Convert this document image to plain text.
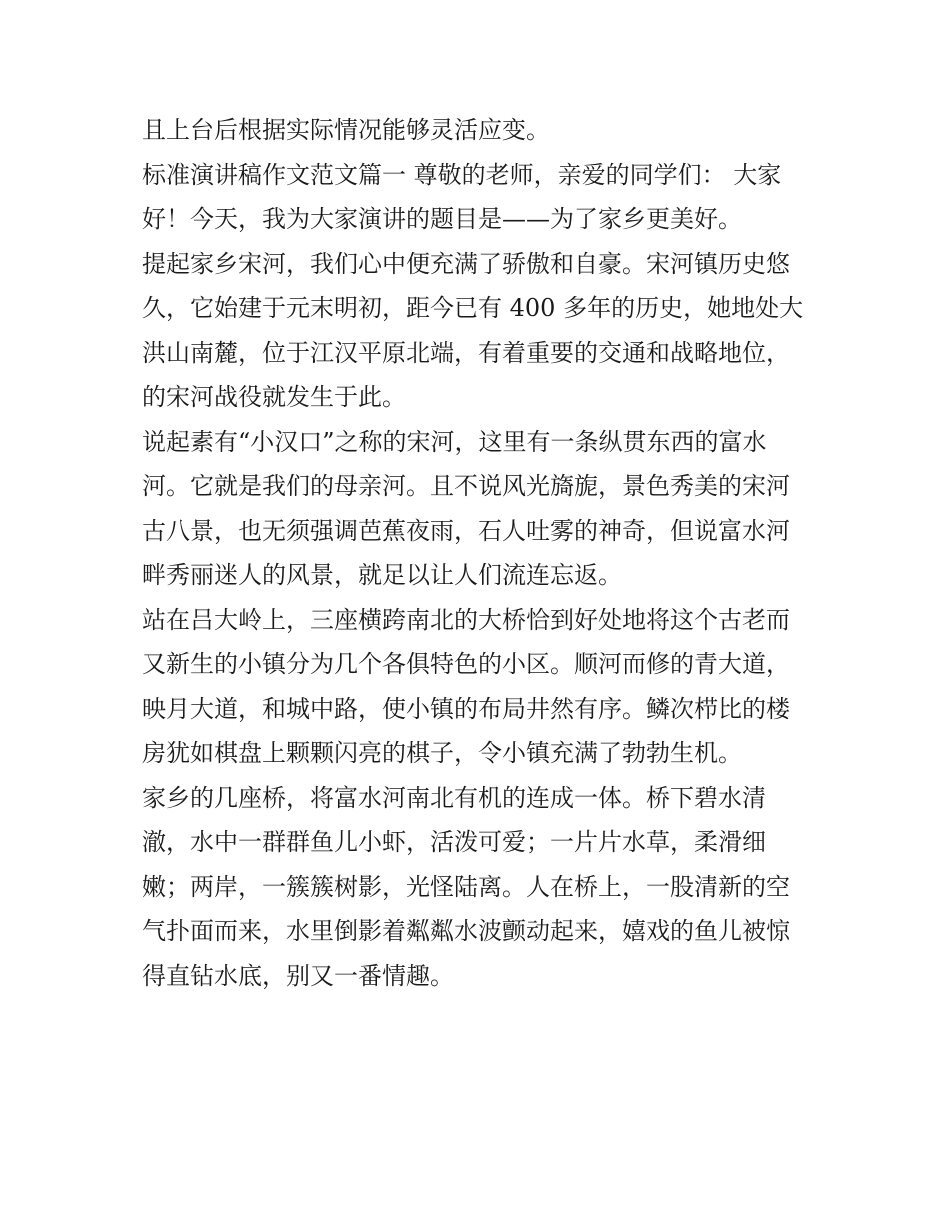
且上台后根据实际情况能够灵活应变。
标准演讲稿作文范文篇一 尊敬的老师，亲爱的同学们： 大家
好！今天，我为大家演讲的题目是——为了家乡更美好。
提起家乡宋河，我们心中便充满了骄傲和自豪。宋河镇历史悠
久，它始建于元末明初，距今已有 400 多年的历史，她地处大
洪山南麓，位于江汉平原北端，有着重要的交通和战略地位，
的宋河战役就发生于此。
说起素有“小汉口”之称的宋河，这里有一条纵贯东西的富水
河。它就是我们的母亲河。且不说风光旖旎，景色秀美的宋河
古八景，也无须强调芭蕉夜雨，石人吐雾的神奇，但说富水河
畔秀丽迷人的风景，就足以让人们流连忘返。
站在吕大岭上，三座横跨南北的大桥恰到好处地将这个古老而
又新生的小镇分为几个各俱特色的小区。顺河而修的青大道，
映月大道，和城中路，使小镇的布局井然有序。鳞次栉比的楼
房犹如棋盘上颗颗闪亮的棋子，令小镇充满了勃勃生机。
家乡的几座桥，将富水河南北有机的连成一体。桥下碧水清
澈，水中一群群鱼儿小虾，活泼可爱；一片片水草，柔滑细
嫩；两岸，一簇簇树影，光怪陆离。人在桥上，一股清新的空
气扑面而来，水里倒影着粼粼水波颤动起来，嬉戏的鱼儿被惊
得直钻水底，别又一番情趣。
